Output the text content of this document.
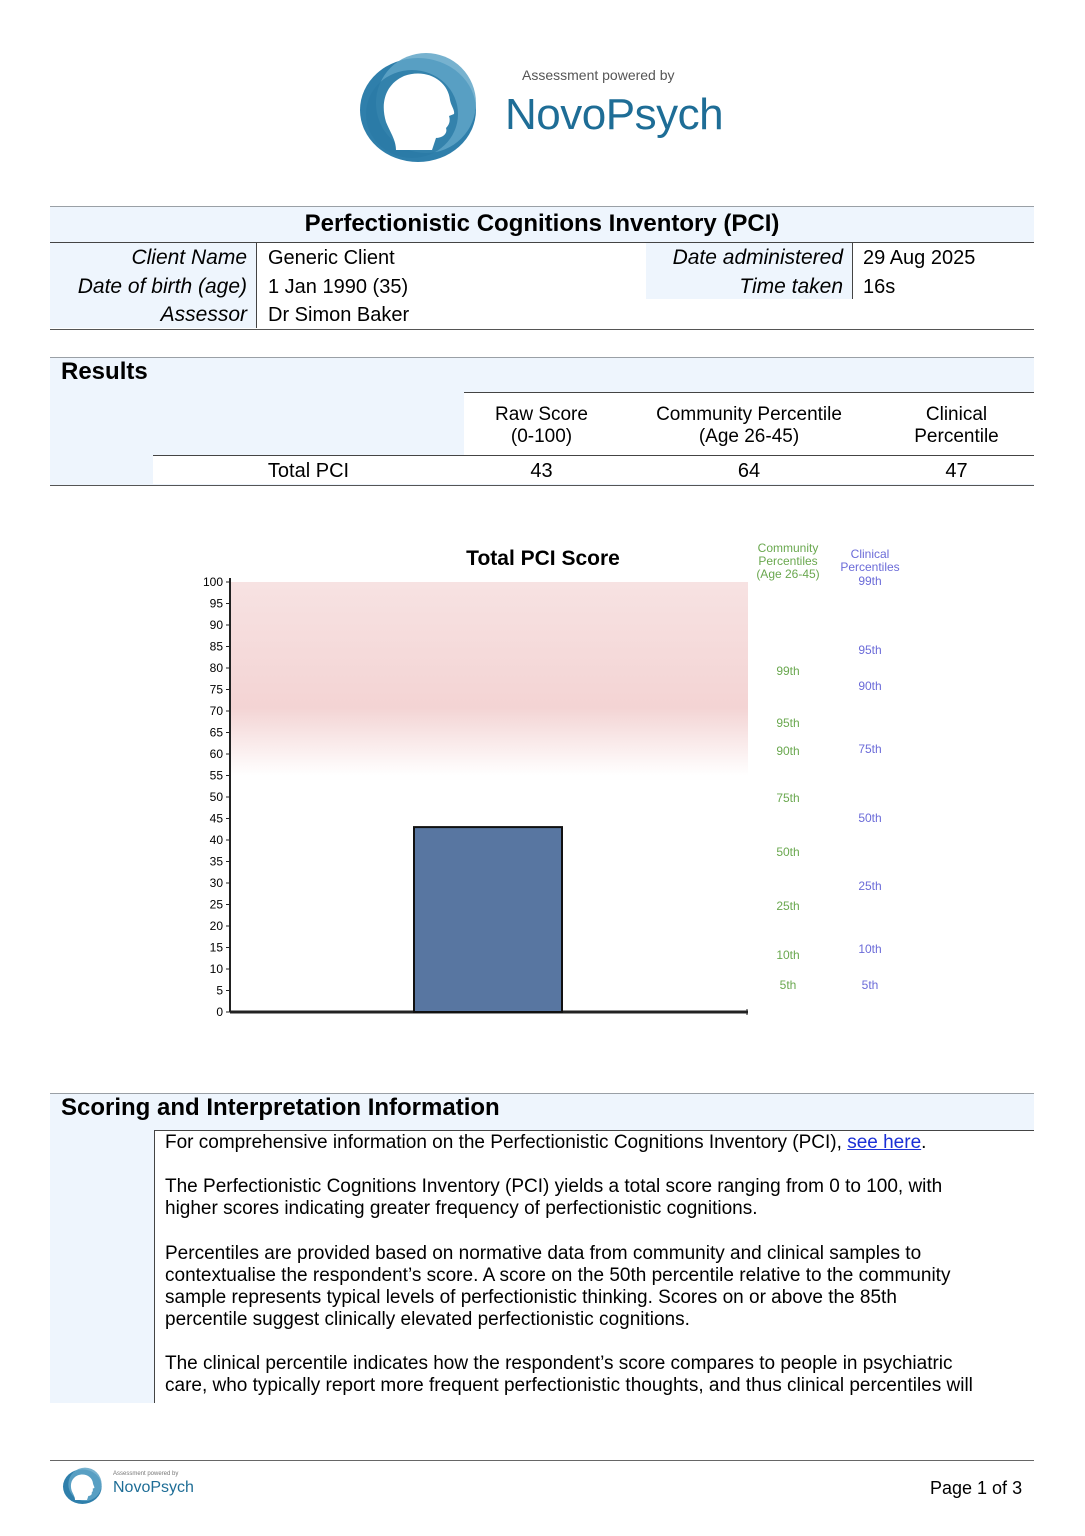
Assessment powered by
NovoPsych
Perfectionistic Cognitions Inventory (PCI)
Client Name Generic Client
Date of birth (age) 1 Jan 1990 (35)
Assessor Dr Simon Baker
Date administered 29 Aug 2025
Time taken 16s
Results
Raw Score
(0-100)
Community Percentile
(Age 26-45)
Clinical
Percentile
Total PCI	43	64	47
Total PCI Score	Community
Percentiles
(Age 26-45)
Clinical
Percentiles
0
5
10
15
20
25
30
35
40
45
50
55
60
65
70
75
80
85
90
95
100
99th
95th
90th
75th
50th
25th
10th
5th
99th
95th
90th
75th
50th
25th
10th
5th
Scoring and Interpretation Information
For comprehensive information on the Perfectionistic Cognitions Inventory (PCI), see here.
The Perfectionistic Cognitions Inventory (PCI) yields a total score ranging from 0 to 100, with
higher scores indicating greater frequency of perfectionistic cognitions.
Percentiles are provided based on normative data from community and clinical samples to
contextualise the respondent’s score. A score on the 50th percentile relative to the community
sample represents typical levels of perfectionistic thinking. Scores on or above the 85th
percentile suggest clinically elevated perfectionistic cognitions.
The clinical percentile indicates how the respondent’s score compares to people in psychiatric
care, who typically report more frequent perfectionistic thoughts, and thus clinical percentiles will
Assessment powered by
NovoPsych	Page 1 of 3
